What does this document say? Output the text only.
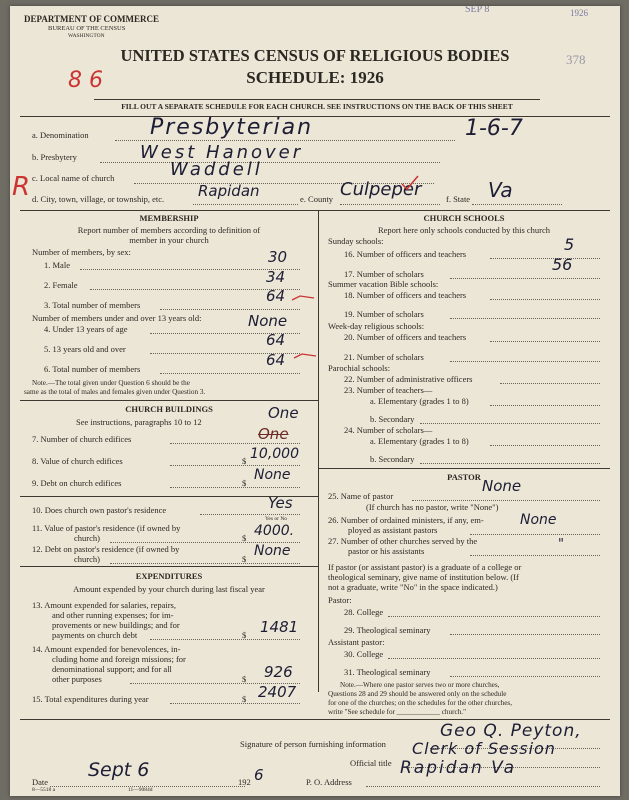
DEPARTMENT OF COMMERCE
BUREAU OF THE CENSUS
WASHINGTON
SEP 8	1926
378
UNITED STATES CENSUS OF RELIGIOUS BODIES
SCHEDULE: 1926
8 6
FILL OUT A SEPARATE SCHEDULE FOR EACH CHURCH. SEE INSTRUCTIONS ON THE BACK OF THIS SHEET
a. Denomination	Presbyterian	1-6-7
b. Presbytery	West Hanover
c. Local name of church	Waddell
R d. City, town, village, or township, etc. Rapidan	e. County Culpeper	f. State Va
MEMBERSHIP
Report number of members according to definition of
member in your church
Number of members, by sex:
1. Male	30
2. Female	34
3. Total number of members	64
Number of members under and over 13 years old:
4. Under 13 years of age	None
5. 13 years old and over	64
6. Total number of members	64
Note.—The total given under Question 6 should be the
same as the total of males and females given under Question 3.
CHURCH BUILDINGS
See instructions, paragraphs 10 to 12	One
7. Number of church edifices	One
8. Value of church edifices	$ 10,000
9. Debt on church edifices	$ None
10. Does church own pastor's residence	Yes
Yes or No
11. Value of pastor's residence (if owned by
church)	$ 4000.
12. Debt on pastor's residence (if owned by
church)	$ None
EXPENDITURES
Amount expended by your church during last fiscal year
13. Amount expended for salaries, repairs,
and other running expenses; for im-
provements or new buildings; and for
payments on church debt	$ 1481
14. Amount expended for benevolences, in-
cluding home and foreign missions; for
denominational support; and for all
other purposes	$ 926
15. Total expenditures during year	$ 2407
CHURCH SCHOOLS
Report here only schools conducted by this church
Sunday schools:
16. Number of officers and teachers	5
17. Number of scholars	56
Summer vacation Bible schools:
18. Number of officers and teachers
19. Number of scholars
Week-day religious schools:
20. Number of officers and teachers
21. Number of scholars
Parochial schools:
22. Number of administrative officers
23. Number of teachers—
a. Elementary (grades 1 to 8)
b. Secondary
24. Number of scholars—
a. Elementary (grades 1 to 8)
b. Secondary
PASTOR
25. Name of pastor
None
(If church has no pastor, write "None")
26. Number of ordained ministers, if any, em-
ployed as assistant pastors
None
27. Number of other churches served by the
pastor or his assistants	"
If pastor (or assistant pastor) is a graduate of a college or
theological seminary, give name of institution below. (If
not a graduate, write "No" in the space indicated.)
Pastor:
28. College
29. Theological seminary
Assistant pastor:
30. College
31. Theological seminary
Note.—Where one pastor serves two or more churches,
Questions 28 and 29 should be answered only on the schedule
for one of the churches; on the schedules for the other churches,
write "See schedule for ____________ church."
Signature of person furnishing information
Geo Q. Peyton,
Official title
Clerk of Session
Date
Sept 6
192 6	P. O. Address
Rapidan Va
8—5518 a	11—9084d
